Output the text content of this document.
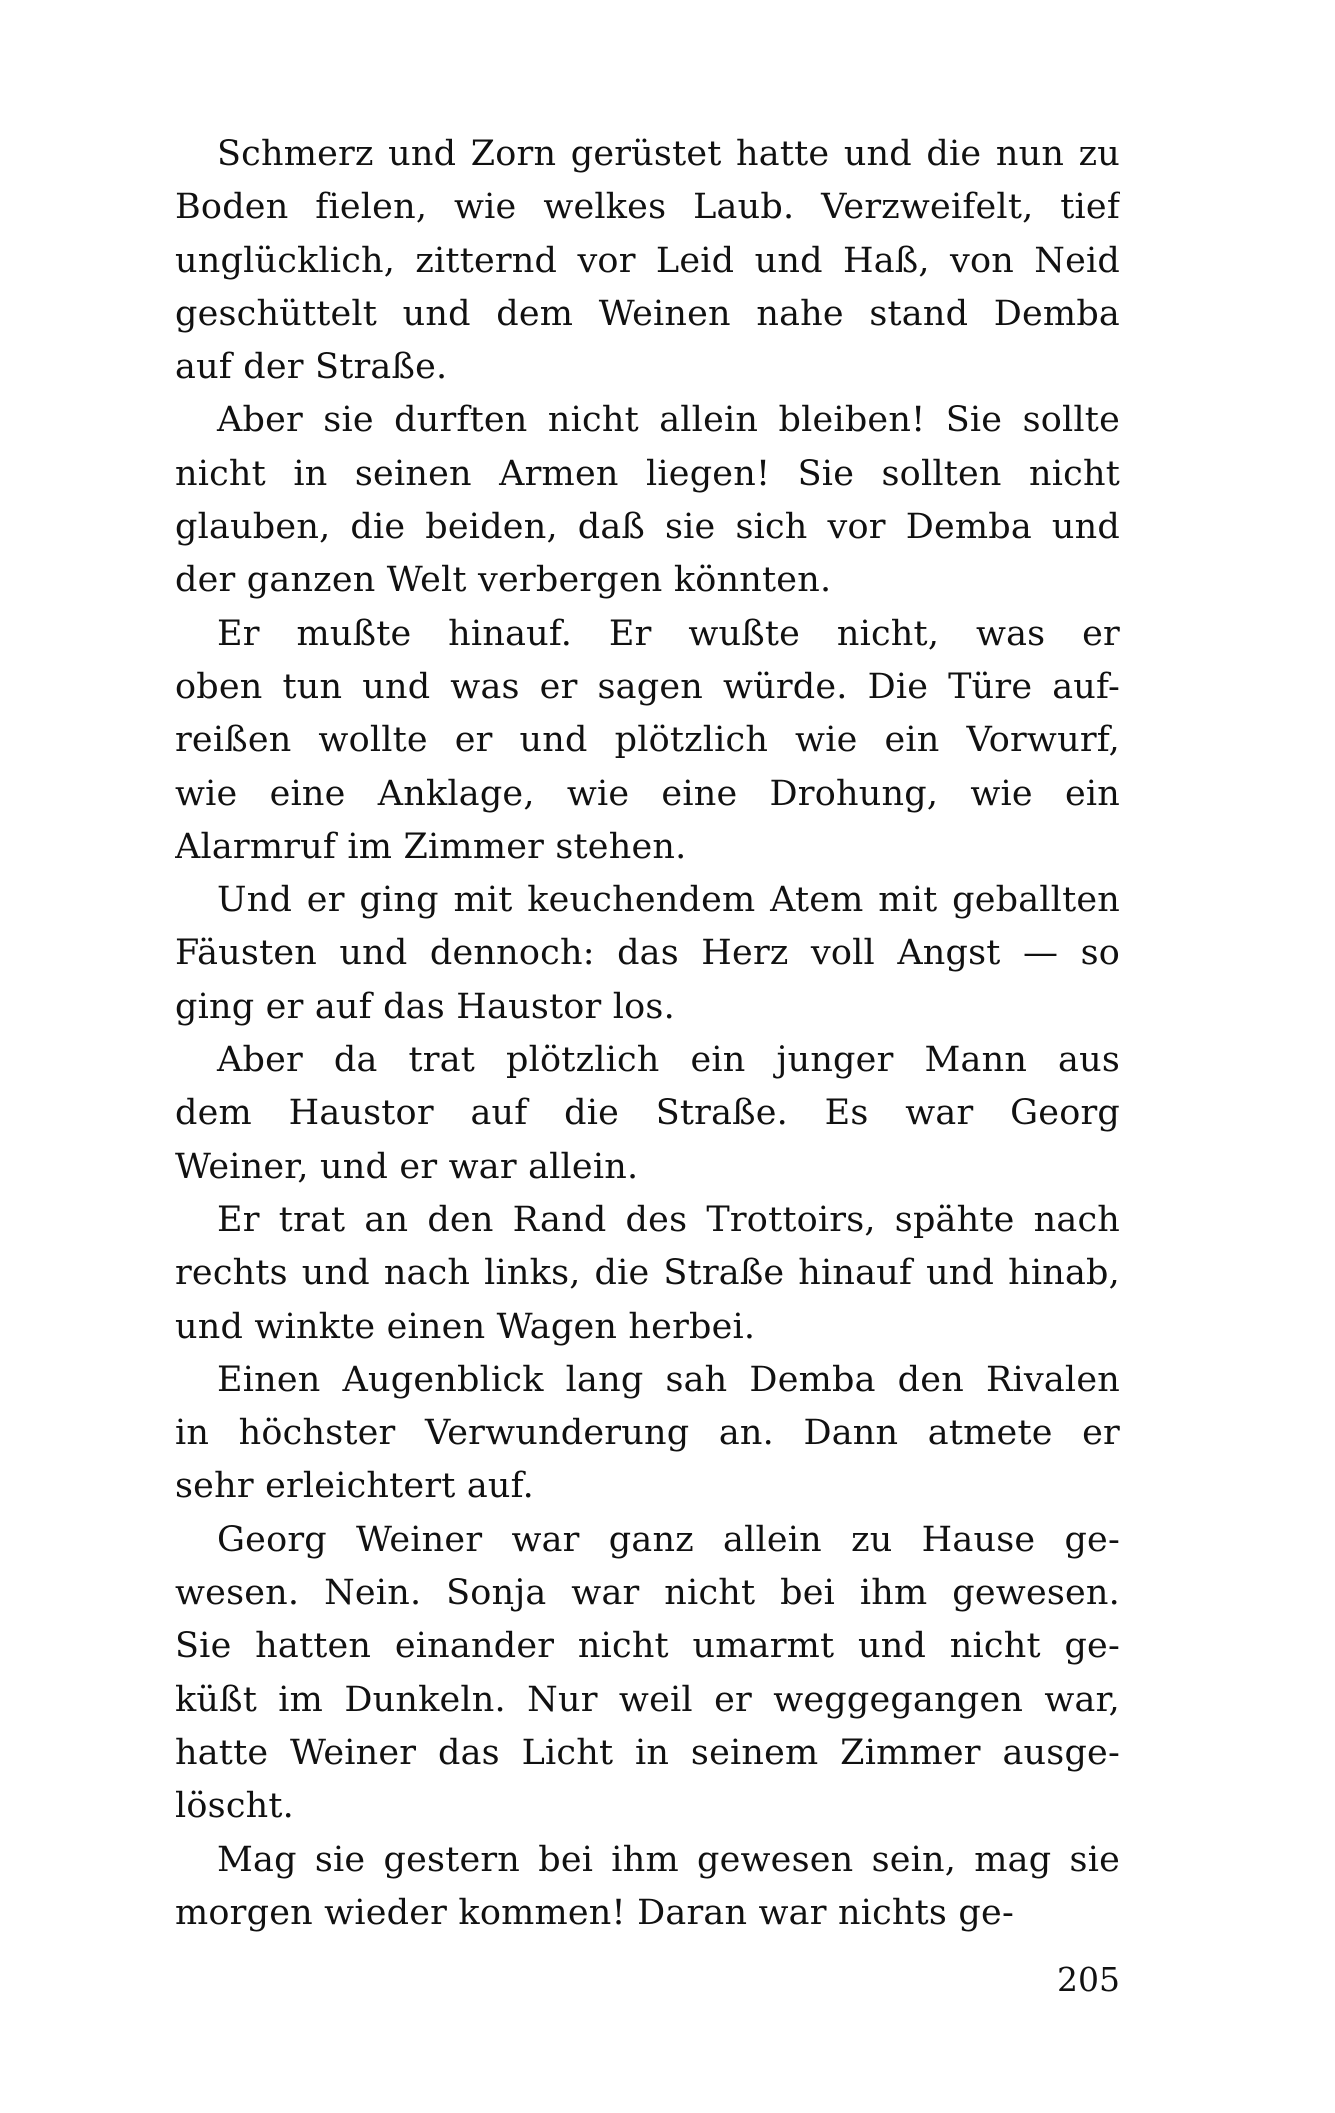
Schmerz und Zorn gerüstet hatte und die nun zu
Boden fielen, wie welkes Laub. Verzweifelt, tief
unglücklich, zitternd vor Leid und Haß, von Neid
geschüttelt und dem Weinen nahe stand Demba
auf der Straße.
Aber sie durften nicht allein bleiben! Sie sollte
nicht in seinen Armen liegen! Sie sollten nicht
glauben, die beiden, daß sie sich vor Demba und
der ganzen Welt verbergen könnten.
Er mußte hinauf. Er wußte nicht, was er
oben tun und was er sagen würde. Die Türe auf-
reißen wollte er und plötzlich wie ein Vorwurf,
wie eine Anklage, wie eine Drohung, wie ein
Alarmruf im Zimmer stehen.
Und er ging mit keuchendem Atem mit geballten
Fäusten und dennoch: das Herz voll Angst — so
ging er auf das Haustor los.
Aber da trat plötzlich ein junger Mann aus
dem Haustor auf die Straße. Es war Georg
Weiner, und er war allein.
Er trat an den Rand des Trottoirs, spähte nach
rechts und nach links, die Straße hinauf und hinab,
und winkte einen Wagen herbei.
Einen Augenblick lang sah Demba den Rivalen
in höchster Verwunderung an. Dann atmete er
sehr erleichtert auf.
Georg Weiner war ganz allein zu Hause ge-
wesen. Nein. Sonja war nicht bei ihm gewesen.
Sie hatten einander nicht umarmt und nicht ge-
küßt im Dunkeln. Nur weil er weggegangen war,
hatte Weiner das Licht in seinem Zimmer ausge-
löscht.
Mag sie gestern bei ihm gewesen sein, mag sie
morgen wieder kommen! Daran war nichts ge-
205
